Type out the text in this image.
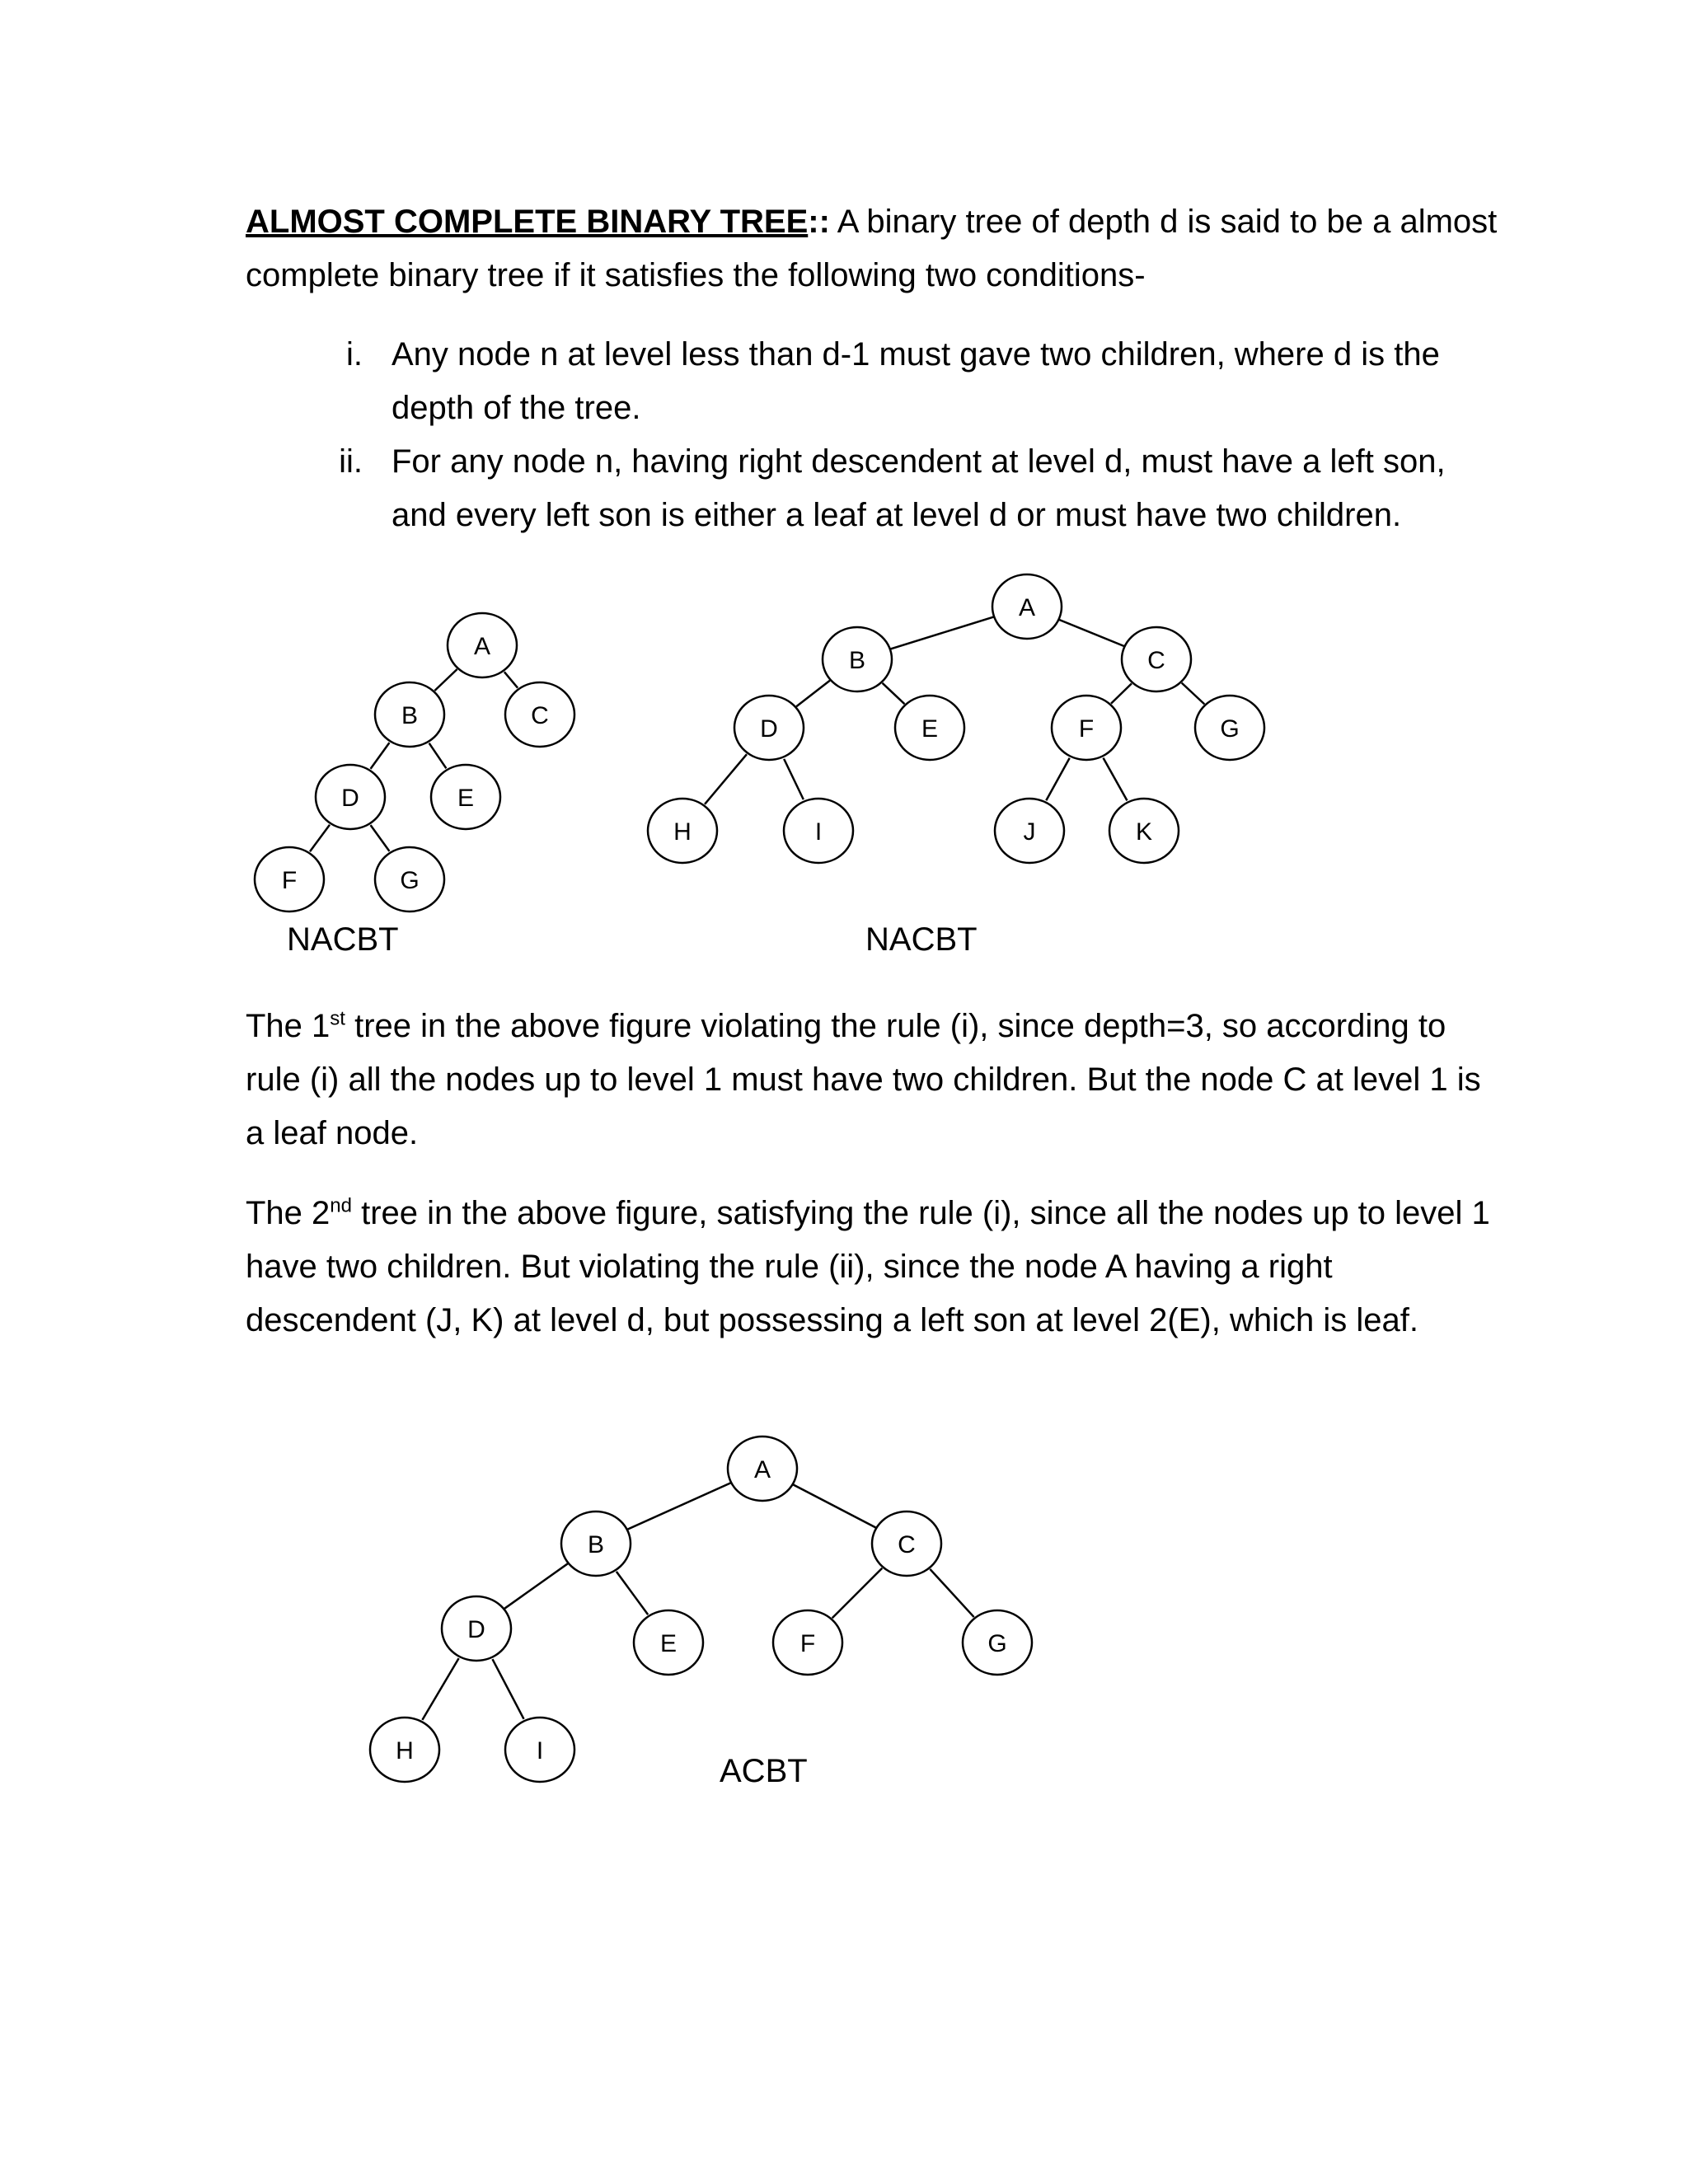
ALMOST COMPLETE BINARY TREE:: A binary tree of depth d is said to be a almost complete binary tree if it satisfies the following two conditions-

i. Any node n at level less than d-1 must gave two children, where d is the depth of the tree.
ii. For any node n, having right descendent at level d, must have a left son, and every left son is either a leaf at level d or must have two children.
A
B	C
D	E
F	G
A
B	C
D	E	F	G
H	I	J	K
A
B	C
D
E	F	G
H	I
NACBT	NACBT
ACBT

The 1st tree in the above figure violating the rule (i), since depth=3, so according to rule (i) all the nodes up to level 1 must have two children. But the node C at level 1 is a leaf node.

The 2nd tree in the above figure, satisfying the rule (i), since all the nodes up to level 1 have two children. But violating the rule (ii), since the node A having a right descendent (J, K) at level d, but possessing a left son at level 2(E), which is leaf.
